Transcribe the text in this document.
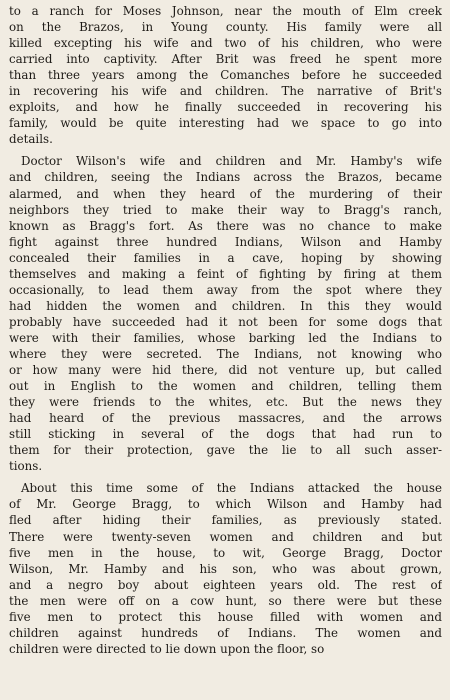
to a ranch for Moses Johnson, near the mouth of Elm creek
on the Brazos, in Young county. His family were all
killed excepting his wife and two of his children, who were
carried into captivity. After Brit was freed he spent more
than three years among the Comanches before he succeeded
in recovering his wife and children. The narrative of Brit's
exploits, and how he finally succeeded in recovering his
family, would be quite interesting had we space to go into
details.
Doctor Wilson's wife and children and Mr. Hamby's wife
and children, seeing the Indians across the Brazos, became
alarmed, and when they heard of the murdering of their
neighbors they tried to make their way to Bragg's ranch,
known as Bragg's fort. As there was no chance to make
fight against three hundred Indians, Wilson and Hamby
concealed their families in a cave, hoping by showing
themselves and making a feint of fighting by firing at them
occasionally, to lead them away from the spot where they
had hidden the women and children. In this they would
probably have succeeded had it not been for some dogs that
were with their families, whose barking led the Indians to
where they were secreted. The Indians, not knowing who
or how many were hid there, did not venture up, but called
out in English to the women and children, telling them
they were friends to the whites, etc. But the news they
had heard of the previous massacres, and the arrows
still sticking in several of the dogs that had run to
them for their protection, gave the lie to all such asser-
tions.
About this time some of the Indians attacked the house
of Mr. George Bragg, to which Wilson and Hamby had
fled after hiding their families, as previously stated.
There were twenty-seven women and children and but
five men in the house, to wit, George Bragg, Doctor
Wilson, Mr. Hamby and his son, who was about grown,
and a negro boy about eighteen years old. The rest of
the men were off on a cow hunt, so there were but these
five men to protect this house filled with women and
children against hundreds of Indians. The women and
children were directed to lie down upon the floor, so
